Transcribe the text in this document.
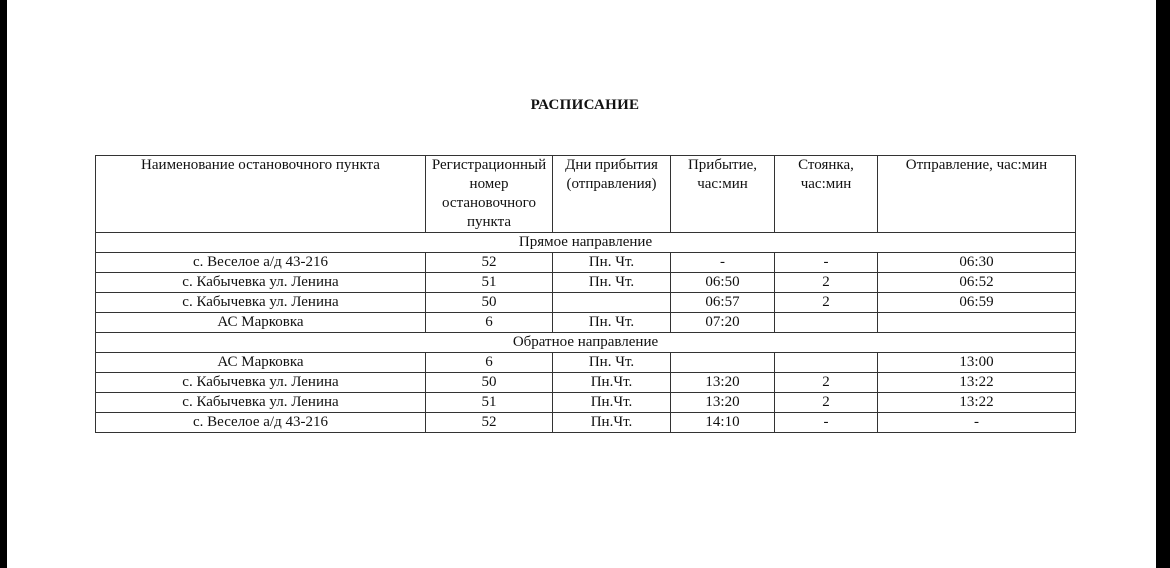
РАСПИСАНИЕ
Наименование остановочного пункта	Регистрационный номер остановочного пункта	Дни прибытия (отправления)	Прибытие, час:мин	Стоянка, час:мин	Отправление, час:мин

Прямое направление					
с. Веселое а/д 43-216	52	Пн. Чт.	-	-	06:30
с. Кабычевка ул. Ленина	51	Пн. Чт.	06:50	2	06:52
с. Кабычевка ул. Ленина	50		06:57	2	06:59
АС Марковка	6	Пн. Чт.	07:20		
Обратное направление					
АС Марковка	6	Пн. Чт.			13:00
с. Кабычевка ул. Ленина	50	Пн.Чт.	13:20	2	13:22
с. Кабычевка ул. Ленина	51	Пн.Чт.	13:20	2	13:22
с. Веселое а/д 43-216	52	Пн.Чт.	14:10	-	-
